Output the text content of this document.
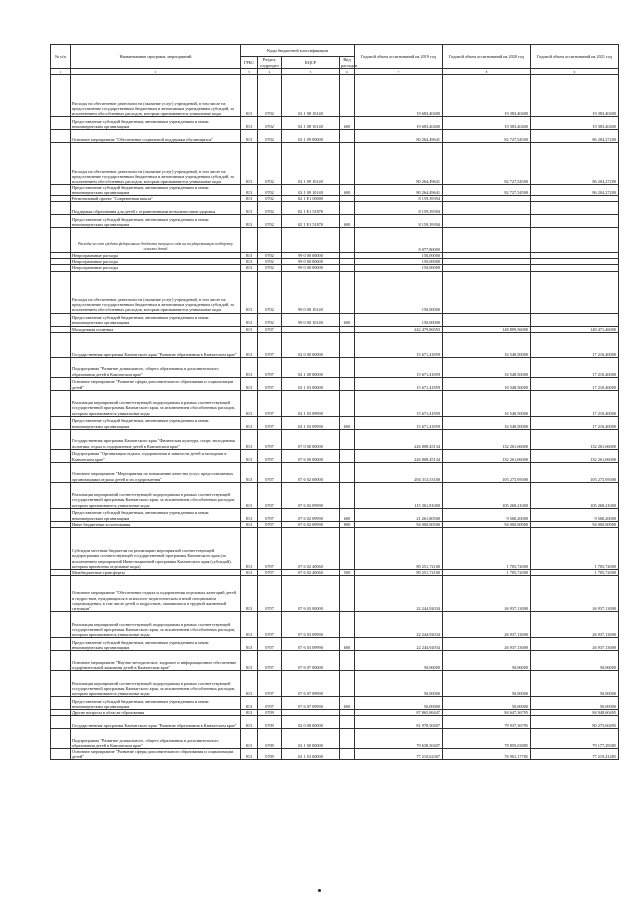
№ п/п	Наименование программ, мероприятий	Коды бюджетной классификации				Годовой объем ассигнований на 2019 год	Годовой объем ассигнований на 2020 год	Годовой объем ассигнований на 2021 год
		ГРБС	Раздел, подраздел	КЦСР	Вид расходов			
1	2	3	4	5	6	7	8	9
	Расходы на обеспечение деятельности (оказание услуг) учреждений, в том числе на предоставление государственным бюджетным и автономным учреждениям субсидий, за исключением обособленных расходов, которым присваиваются уникальные коды	813	0702	02 1 08 10140		19 683,40400	19 383,40400	19 383,40400
	Предоставление субсидий бюджетным, автономным учреждениям и иным некоммерческим организациям	813	0702	02 1 08 10140	600	19 683,40400	19 383,40400	19 383,40400
	Основное мероприятие "Обеспечение социальной поддержки обучающихся"	813	0702	02 1 09 00000		80 264,49641	82 727,54500	86 204,27200
	Расходы на обеспечение деятельности (оказание услуг) учреждений, в том числе на предоставление государственным бюджетным и автономным учреждениям субсидий, за исключением обособленных расходов, которым присваиваются уникальные коды	813	0702	02 1 09 10140		80 264,49641	82 727,54500	86 204,27200
	Предоставление субсидий бюджетным, автономным учреждениям и иным некоммерческим организациям	813	0702	02 1 09 10140	600	80 264,49641	82 727,54500	86 204,27200
	Региональный проект "Современная школа"	813	0702	02 1 E1 00000		8 159,39394		
	Поддержка образования для детей с ограниченными возможностями здоровья	813	0702	02 1 E1 51870		8 159,39394		
	Предоставление субсидий бюджетным, автономным учреждениям и иным некоммерческим организациям	813	0702	02 1 E1 51870	600	8 159,39394		
	Расходы за счет средств федерального бюджета текущего года на государственную поддержку сельских детей					8 077,80000		
	Непрограммные расходы	813	0702	99 0 00 00000		150,00000		
	Непрограммные расходы	813	0702	99 0 00 00000		150,00000		
	Непрограммные расходы	813	0702	99 0 00 00000		150,00000		
	Расходы на обеспечение деятельности (оказание услуг) учреждений, в том числе на предоставление государственным бюджетным и автономным учреждениям субсидий, за исключением обособленных расходов, которым присваиваются уникальные коды	813	0702	99 0 00 10140		150,00000		
	Предоставление субсидий бюджетным, автономным учреждениям и иным некоммерческим организациям	813	0702	99 0 00 10140	600	150,00000		
	Молодежная политика	813	0707			242 479,86593	148 809,56000	149 471,46000
	Государственная программа Камчатского края "Развитие образования в Камчатском крае"	813	0707	02 0 00 00000		15 671,41859	16 548,50000	17 210,40000
	Подпрограмма "Развитие дошкольного, общего образования и дополнительного образования детей в Камчатском крае"	813	0707	02 1 00 00000		15 671,41859	16 548,50000	17 210,40000
	Основное мероприятие "Развитие сферы дополнительного образования и социализации детей"	813	0707	02 1 03 00000		15 671,41859	16 548,50000	17 210,40000
	Реализация мероприятий соответствующей подпрограммы в рамках соответствующей государственной программы Камчатского края, за исключением обособленных расходов, которым присваиваются уникальные коды	813	0707	02 1 03 09990		15 671,41859	16 548,50000	17 210,40000
	Предоставление субсидий бюджетным, автономным учреждениям и иным некоммерческим организациям	813	0707	02 1 03 09990	600	15 671,41859	16 548,50000	17 210,40000
	Государственная программа Камчатского края "Физическая культура, спорт, молодежная политика, отдых и оздоровление детей в Камчатском крае"	813	0707	07 0 00 00000		226 808,45134	132 261,06000	132 261,06000
	Подпрограмма "Организация отдыха, оздоровления и занятости детей и молодежи в Камчатском крае"	813	0707	07 6 00 00000		226 808,45134	132 261,06000	132 261,06000
	Основное мероприятие "Мероприятия по повышению качества услуг, предоставляемых организациями отдыха детей и их оздоровления"	813	0707	07 6 02 00000		204 313,53100	105 273,95000	105 273,95000
	Реализация мероприятий соответствующей подпрограммы в рамках соответствующей государственной программы Камчатского края, за исключением обособленных расходов, которым присваиваются уникальные коды	813	0707	07 6 02 09990		115 361,81000	105 268,21000	105 268,21000
	Предоставление субсидий бюджетным, автономным учреждениям и иным некоммерческим организациям	813	0707	07 6 02 09990	600	21 261,80500	9 568,20000	9 568,20000
	Иные бюджетные ассигнования	813	0707	07 6 02 09990	800	94 000,00500	94 000,00000	94 000,00000
	Субсидии местным бюджетам на реализацию мероприятий соответствующей подпрограммы соответствующей государственной программы Камчатского края (за исключением мероприятий Инвестиционной программы Камчатского края (субсидий), которым присвоены отдельные коды)	813	0707	07 6 02 40060		89 251,72100	1 705,72000	1 705,72000
	Межбюджетные трансферты	813	0707	07 6 02 40060	500	89 251,72100	1 705,72000	1 705,72000
	Основное мероприятие "Обеспечение отдыха и оздоровления отдельных категорий детей и подростков, нуждающихся в психолого-педагогическом и иной специальном сопровождении, в том числе детей и подростков, оказавшихся в трудной жизненной ситуации"	813	0707	07 6 03 00000		22 244,92034	26 937,13000	26 937,13000
	Реализация мероприятий соответствующей подпрограммы в рамках соответствующей государственной программы Камчатского края, за исключением обособленных расходов, которым присваиваются уникальные коды	813	0707	07 6 03 09990		22 244,92034	26 937,13000	26 937,13000
	Предоставление субсидий бюджетным, автономным учреждениям и иным некоммерческим организациям	813	0707	07 6 03 09990	600	22 244,92034	26 937,13000	26 937,13000
	Основное мероприятие "Научно-методическое, кадровое и информационное обеспечение оздоровительной кампании детей в Камчатском крае"	813	0707	07 6 07 00000		50,00000	50,00000	50,00000
	Реализация мероприятий соответствующей подпрограммы в рамках соответствующей государственной программы Камчатского края, за исключением обособленных расходов, которым присваиваются уникальные коды	813	0707	07 6 07 09990		50,00000	50,00000	50,00000
	Предоставление субсидий бюджетным, автономным учреждениям и иным некоммерческим организациям	813	0707	07 6 07 09990	600	50,00000	50,00000	50,00000
	Другие вопросы в области образования	813	0709			87 865,86447	84 647,36795	84 948,60495
	Государственная программа Камчатского края "Развитие образования в Камчатском крае"	813	0709	02 0 00 00000		81 978,50407	79 937,36795	80 275,60495
	Подпрограмма "Развитие дошкольного, общего образования и дополнительного образования детей в Камчатском крае"	813	0709	02 1 00 00000		79 638,50407	78 859,03885	79 177,29385
	Основное мероприятие "Развитие сферы дополнительного образования и социализации детей"	813	0709	02 1 03 00000		77 210,62307	76 901,17785	77 219,41485
